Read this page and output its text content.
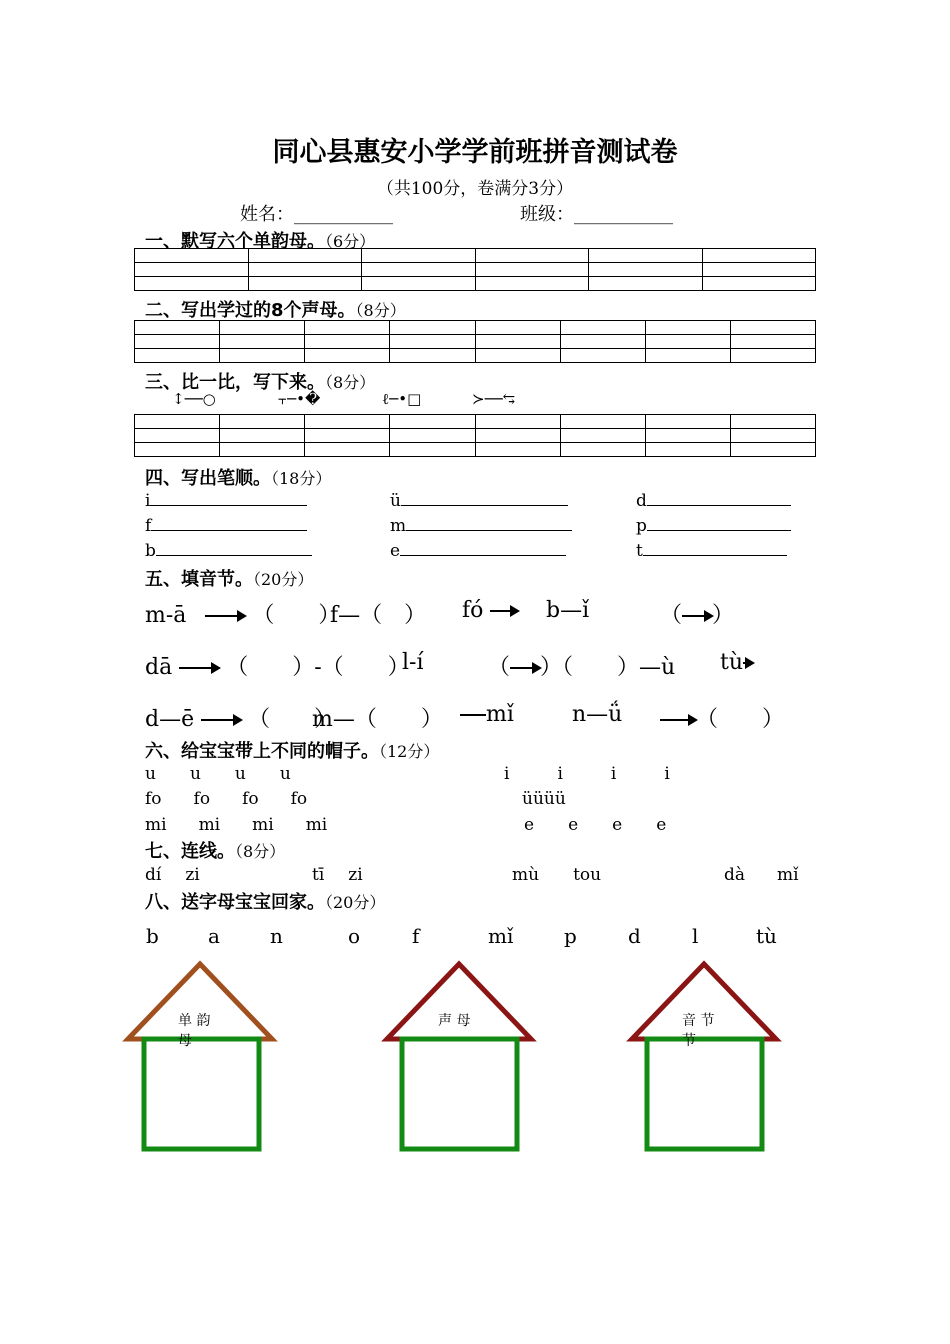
同心县惠安小学学前班拼音测试卷
（共100分，卷满分3分）
姓名：___________	班级：___________
一、默写六个单韵母。（6分）

二、写出学过的8个声母。（8分）

三、比一比，写下来。（8分）
↕──○	⫟─•�	ℓ─•□	≻──⥃

四、写出笔顺。（18分）
i	ü	d
f	m	p
b	e	t
五、填音节。（20分）
m-ā	（　　）
f—（　） fó	b—ǐ	（ ）
dā （　　）-（　　）
l-í	（ ）（　　）—ù tù
d—ē （　　）
m—（　　）	mǐ	n—ǘ	（　　）
六、给宝宝带上不同的帽子。（12分）
u u u u	i	i	i	i
fo fo fo fo	üüüü
mi mi mi mi	e e e e
七、连线。（8分）
dí zi	tī zi	mù tou	dà mǐ
八、送字母宝宝回家。（20分）
b a	n	o	f	mǐ	p	d	l	tù
单 韵 母
声 母	音 节 节
